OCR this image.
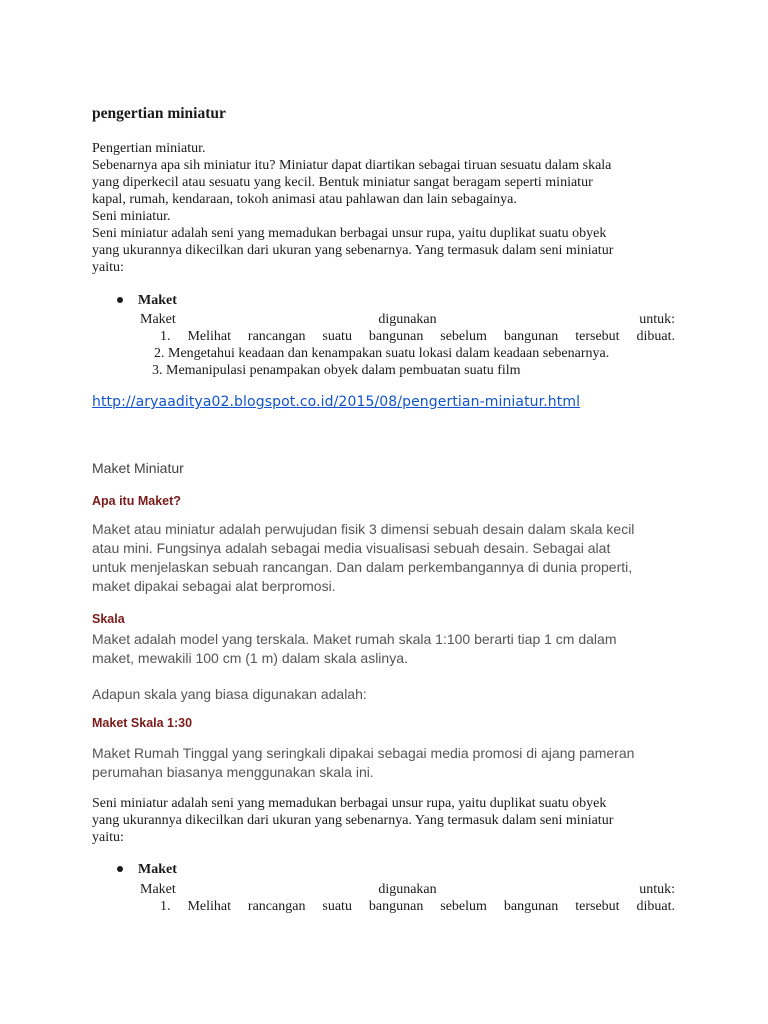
pengertian miniatur
Pengertian miniatur.
Sebenarnya apa sih miniatur itu? Miniatur dapat diartikan sebagai tiruan sesuatu dalam skala
yang diperkecil atau sesuatu yang kecil. Bentuk miniatur sangat beragam seperti miniatur
kapal, rumah, kendaraan, tokoh animasi atau pahlawan dan lain sebagainya.
Seni miniatur.
Seni miniatur adalah seni yang memadukan berbagai unsur rupa, yaitu duplikat suatu obyek
yang ukurannya dikecilkan dari ukuran yang sebenarnya. Yang termasuk dalam seni miniatur
yaitu:
Maket
Maket	digunakan	untuk:
1. Melihat rancangan suatu bangunan sebelum bangunan tersebut dibuat.
2. Mengetahui keadaan dan kenampakan suatu lokasi dalam keadaan sebenarnya.
3. Memanipulasi penampakan obyek dalam pembuatan suatu film
http://aryaaditya02.blogspot.co.id/2015/08/pengertian-miniatur.html
Maket Miniatur
Apa itu Maket?
Maket atau miniatur adalah perwujudan fisik 3 dimensi sebuah desain dalam skala kecil
atau mini. Fungsinya adalah sebagai media visualisasi sebuah desain. Sebagai alat
untuk menjelaskan sebuah rancangan. Dan dalam perkembangannya di dunia properti,
maket dipakai sebagai alat berpromosi.
Skala
Maket adalah model yang terskala. Maket rumah skala 1:100 berarti tiap 1 cm dalam
maket, mewakili 100 cm (1 m) dalam skala aslinya.
Adapun skala yang biasa digunakan adalah:
Maket Skala 1:30
Maket Rumah Tinggal yang seringkali dipakai sebagai media promosi di ajang pameran
perumahan biasanya menggunakan skala ini.
Seni miniatur adalah seni yang memadukan berbagai unsur rupa, yaitu duplikat suatu obyek
yang ukurannya dikecilkan dari ukuran yang sebenarnya. Yang termasuk dalam seni miniatur
yaitu:
Maket
Maket	digunakan	untuk:
1. Melihat rancangan suatu bangunan sebelum bangunan tersebut dibuat.
